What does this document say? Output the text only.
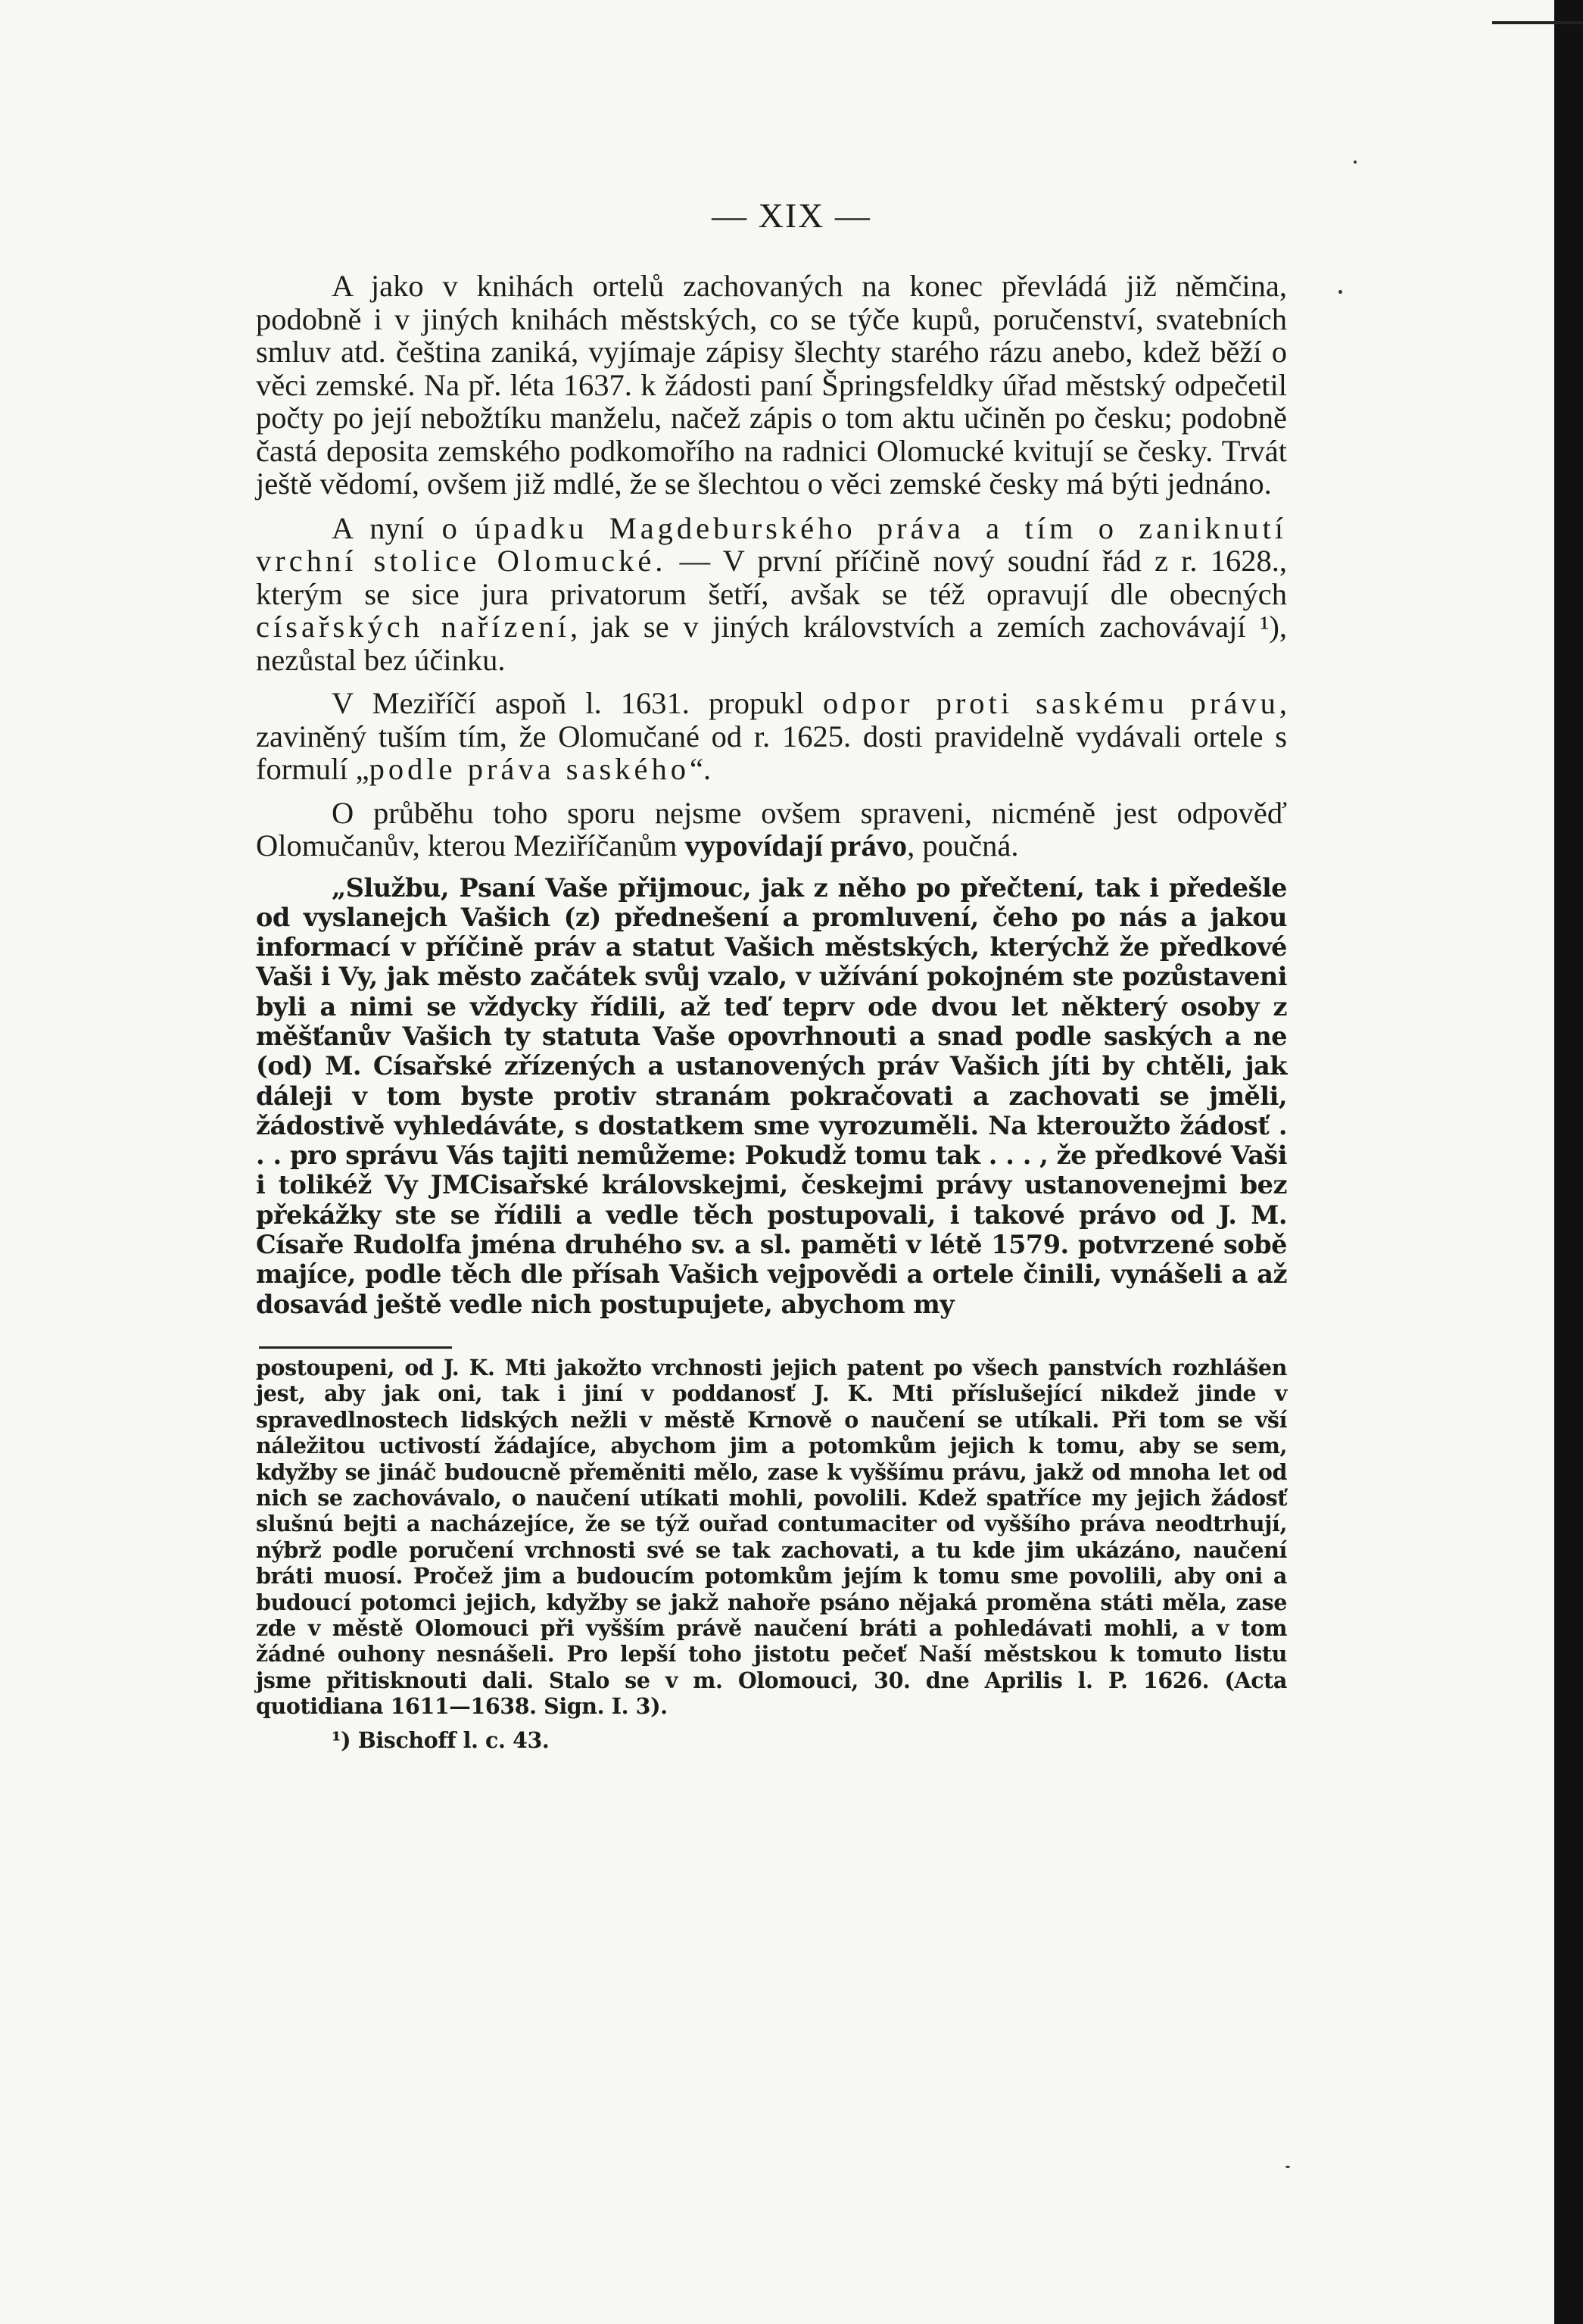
— XIX —

A jako v knihách ortelů zachovaných na konec převládá již němčina, podobně i v jiných knihách městských, co se týče kupů, poručenství, svatebních smluv atd. čeština zaniká, vyjímaje zápisy šlechty starého rázu anebo, kdež běží o věci zemské. Na př. léta 1637. k žádosti paní Špringsfeldky úřad městský odpečetil počty po její nebožtíku manželu, načež zápis o tom aktu učiněn po česku; podobně častá deposita zemského podkomořího na radnici Olomucké kvitují se česky. Trvát ještě vědomí, ovšem již mdlé, že se šlechtou o věci zemské česky má býti jednáno.

A nyní o úpadku Magdeburského práva a tím o zaniknutí vrchní stolice Olomucké. — V první příčině nový soudní řád z r. 1628., kterým se sice jura privatorum šetří, avšak se též opravují dle obecných císařských nařízení, jak se v jiných královstvích a zemích zachovávají ¹), nezůstal bez účinku.

V Meziříčí aspoň l. 1631. propukl odpor proti saskému právu, zaviněný tuším tím, že Olomučané od r. 1625. dosti pravidelně vydávali ortele s formulí „podle práva saského“.

O průběhu toho sporu nejsme ovšem spraveni, nicméně jest odpověď Olomučanův, kterou Meziříčanům vypovídají právo, poučná.

„Službu, Psaní Vaše přijmouc, jak z něho po přečtení, tak i předešle od vyslanejch Vašich (z) přednešení a promluvení, čeho po nás a jakou informací v příčině práv a statut Vašich městských, kterýchž že předkové Vaši i Vy, jak město začátek svůj vzalo, v užívání pokojném ste pozůstaveni byli a nimi se vždycky řídili, až teď teprv ode dvou let některý osoby z měšťanův Vašich ty statuta Vaše opovrhnouti a snad podle saských a ne (od) M. Císařské zřízených a ustanovených práv Vašich jíti by chtěli, jak dáleji v tom byste protiv stranám pokračovati a zachovati se jměli, žádostivě vyhledáváte, s dostatkem sme vyrozuměli. Na kteroužto žádosť . . . pro správu Vás tajiti nemůžeme: Pokudž tomu tak . . . , že předkové Vaši i tolikéž Vy JMCisařské královskejmi, českejmi právy ustanovenejmi bez překážky ste se řídili a vedle těch postupovali, i takové právo od J. M. Císaře Rudolfa jména druhého sv. a sl. paměti v létě 1579. potvrzené sobě majíce, podle těch dle přísah Vašich vejpovědi a ortele činili, vynášeli a až dosavád ještě vedle nich postupujete, abychom my

postoupeni, od J. K. Mti jakožto vrchnosti jejich patent po všech panstvích rozhlášen jest, aby jak oni, tak i jiní v poddanosť J. K. Mti příslušející nikdež jinde v spravedlnostech lidských nežli v městě Krnově o naučení se utíkali. Při tom se vší náležitou uctivostí žádajíce, abychom jim a potomkům jejich k tomu, aby se sem, kdyžby se jináč budoucně přeměniti mělo, zase k vyššímu právu, jakž od mnoha let od nich se zachovávalo, o naučení utíkati mohli, povolili. Kdež spatříce my jejich žádosť slušnú bejti a nacházejíce, že se týž ouřad contumaciter od vyššího práva neodtrhují, nýbrž podle poručení vrchnosti své se tak zachovati, a tu kde jim ukázáno, naučení bráti muosí. Pročež jim a budoucím potomkům jejím k tomu sme povolili, aby oni a budoucí potomci jejich, kdyžby se jakž nahoře psáno nějaká proměna státi měla, zase zde v městě Olomouci při vyšším právě naučení bráti a pohledávati mohli, a v tom žádné ouhony nesnášeli. Pro lepší toho jistotu pečeť Naší městskou k tomuto listu jsme přitisknouti dali. Stalo se v m. Olomouci, 30. dne Aprilis l. P. 1626. (Acta quotidiana 1611—1638. Sign. I. 3).

¹) Bischoff l. c. 43.
